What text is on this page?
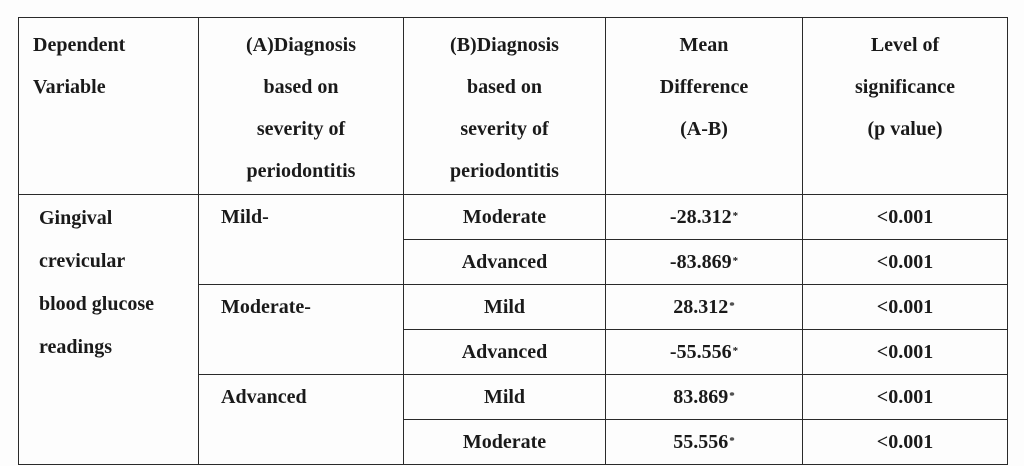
Dependent
Variable	(A)Diagnosis
based on
severity of
periodontitis	(B)Diagnosis
based on
severity of
periodontitis	Mean
Difference
(A-B)	Level of
significance
(p value)

Gingival
crevicular
blood glucose
readings	Mild-	Moderate	-28.312*	<0.001
		Advanced	-83.869*	<0.001
	Moderate-	Mild	28.312*	<0.001
		Advanced	-55.556*	<0.001
	Advanced	Mild	83.869*	<0.001
		Moderate	55.556*	<0.001
